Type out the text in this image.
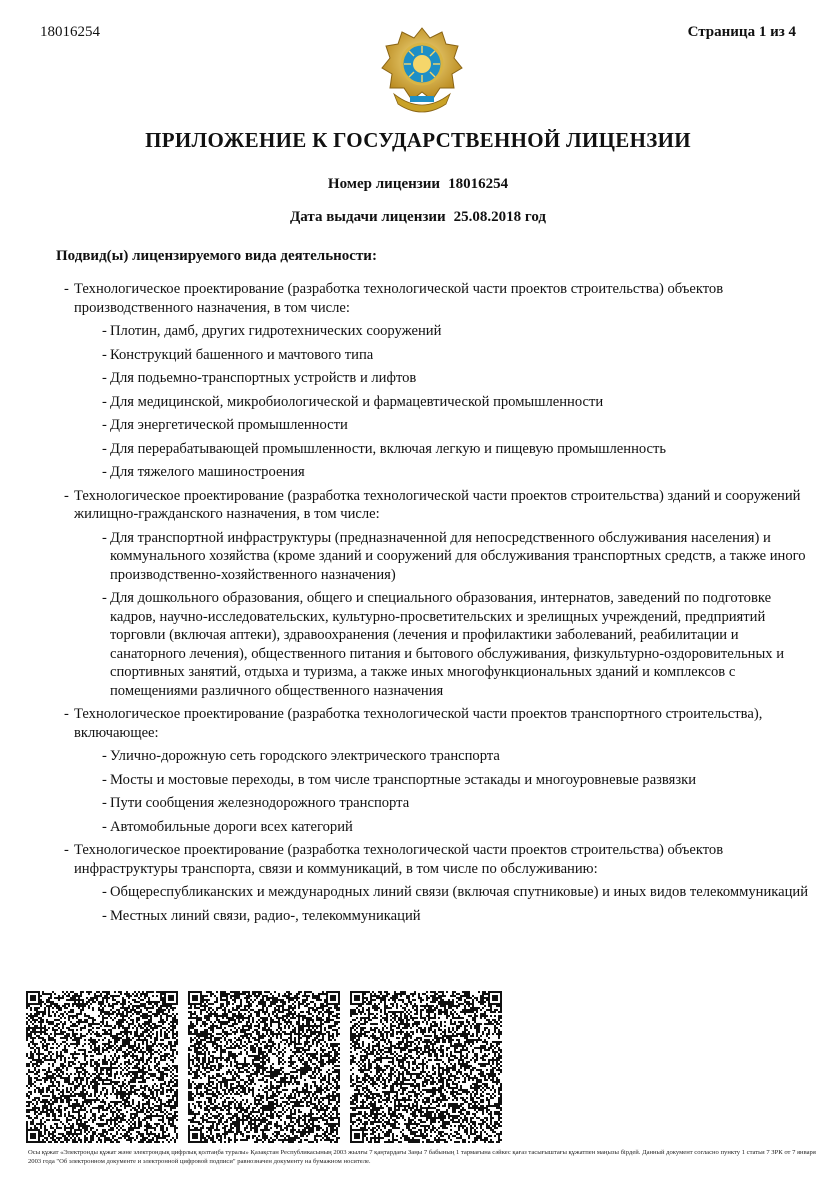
18016254	Страница 1 из 4
ПРИЛОЖЕНИЕ К ГОСУДАРСТВЕННОЙ ЛИЦЕНЗИИ
Номер лицензии 18016254
Дата выдачи лицензии 25.08.2018 год
Подвид(ы) лицензируемого вида деятельности:
- Технологическое проектирование (разработка технологической части проектов строительства) объектов производственного назначения, в том числе:
- Плотин, дамб, других гидротехнических сооружений
- Конструкций башенного и мачтового типа
- Для подьемно-транспортных устройств и лифтов
- Для медицинской, микробиологической и фармацевтической промышленности
- Для энергетической промышленности
- Для перерабатывающей промышленности, включая легкую и пищевую промышленность
- Для тяжелого машиностроения
- Технологическое проектирование (разработка технологической части проектов строительства) зданий и сооружений жилищно-гражданского назначения, в том числе:
- Для транспортной инфраструктуры (предназначенной для непосредственного обслуживания населения) и коммунального хозяйства (кроме зданий и сооружений для обслуживания транспортных средств, а также иного производственно-хозяйственного назначения)
- Для дошкольного образования, общего и специального образования, интернатов, заведений по подготовке кадров, научно-исследовательских, культурно-просветительских и зрелищных учреждений, предприятий торговли (включая аптеки), здравоохранения (лечения и профилактики заболеваний, реабилитации и санаторного лечения), общественного питания и бытового обслуживания, физкультурно-оздоровительных и спортивных занятий, отдыха и туризма, а также иных многофункциональных зданий и комплексов с помещениями различного общественного назначения
- Технологическое проектирование (разработка технологической части проектов транспортного строительства), включающее:
- Улично-дорожную сеть городского электрического транспорта
- Мосты и мостовые переходы, в том числе транспортные эстакады и многоуровневые развязки
- Пути сообщения железнодорожного транспорта
- Автомобильные дороги всех категорий
- Технологическое проектирование (разработка технологической части проектов строительства) объектов инфраструктуры транспорта, связи и коммуникаций, в том числе по обслуживанию:
- Общереспубликанских и международных линий связи (включая спутниковые) и иных видов телекоммуникаций
- Местных линий связи, радио-, телекоммуникаций
Осы құжат «Электронды құжат және электрондық цифрлық қолтаңба туралы» Қазақстан Республикасының 2003 жылғы 7 қаңтардағы Заңы 7 бабының 1 тармағына сәйкес қағаз тасығыштағы құжатпен маңызы бірдей. Данный документ согласно пункту 1 статьи 7 ЗРК от 7 января 2003 года "Об электронном документе и электронной цифровой подписи" равнозначен документу на бумажном носителе.
